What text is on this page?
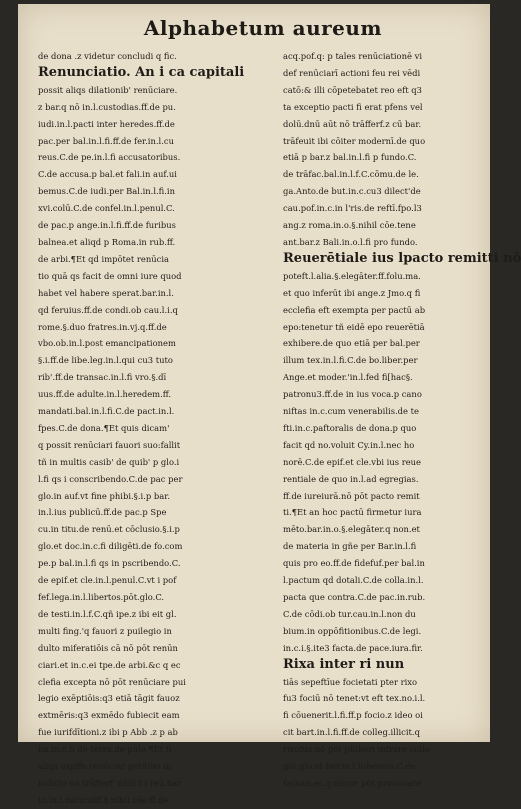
Alphabetum aureum
de dona .z videtur concludi q fic.
Renunciatio. An i ca capitali
possit aliqs dilationib' renūciare.
z bar.q nō in.l.custodias.ff.de pu.
iudi.in.l.pacti inter heredes.ff.de
pac.per bal.in.l.fi.ff.de fer.in.l.cu
reus.C.de pe.in.l.fi accusatoribus.
C.de accusa.p bal.et fali.in auf.ui
bemus.C.de iudi.per Bal.in.l.fi.in
xvi.colū.C.de confel.in.l.penul.C.
de pac.p ange.in.l.fi.ff.de furibus
balnea.et aliqd p Roma.in rub.ff.
de arbi.¶Et qd impōtet renūcia
tio quā qs facit de omni iure quod
habet vel habere sperat.bar.in.l.
qd feruius.ff.de condi.ob cau.l.i.q
rome.§.duo fratres.in.vj.q.ff.de
vbo.ob.in.l.post emancipationem
§.i.ff.de libe.leg.in.l.qui cu3 tuto
rib'.ff.de transac.in.l.fi vro.§.dī
uus.ff.de adulte.in.l.heredem.ff.
mandati.bal.in.l.fi.C.de pact.in.l.
fpes.C.de dona.¶Et quis dicam'
q possit renūciari fauori suo:fallit
tñ in multis casib' de quib' p glo.i
l.fi qs i conscribendo.C.de pac per
glo.in auf.vt fine phibi.§.i.p bar.
in.l.ius publicū.ff.de pac.p Spe
cu.in titu.de renū.et cōclusio.§.i.p
glo.et doc.in.c.fi diligēti.de fo.com
pe.p bal.in.l.fi qs in pscribendo.C.
de epif.et cle.in.l.penul.C.vt i pof
fef.lega.in.l.libertos.pōt.glo.C.
de testi.in.l.f.C.qñ ipe.z ibi eit gl.
multi fing.'q fauori z puilegio in
dulto miferatiōis cā nō pōt renūn
ciari.et in.c.ei tpe.de arbi.&c q ec
clefia excepta nō pōt renūciare pui
legio exēptiōis:q3 etiā tāgit fauoz
extmēris:q3 exmēdo fubiecit eam
fue iurifdītioni.z ibi p Abb .z p ab
ba.in.c.fi de terra.de pūle.¶Et fi
aliqs expffe renūciar petitōio in
iudicio nō trāfferf' dñiū3 i reū.bar
to.in.l.naturalif.§.nihil cōe.ff.de
acq.pof.q: p tales renūciationē vi
def renūciarī actioni feu rei vēdi
catō:& illi cōpetebatet reo eft q3
ta exceptio pacti fi erat pfens vel
dolū.dnū aūt nō trāfferf.z cū bar.
trāfeuit ibi cōiter modernī.de quo
etiā p bar.z bal.in.l.fi p fundo.C.
de trāfac.bal.in.l.f.C.cōmu.de le.
ga.Anto.de but.in.c.cu3 dilect'de
cau.pof.in.c.in l'ris.de reftī.fpo.l3
ang.z roma.in.o.§.nihil cōe.tene
ant.bar.z Bali.in.o.l.fi pro fundo.
Reuerētiale ius lpacto remitti nō
poteft.l.alia.§.elegāter.ff.folu.ma.
et quo inferūt ibi ange.z Jmo.q fi
ecclefia eft exempta per pactū ab
epo:tenetur tñ eidē epo reuerētiā
exhibere.de quo etiā per bal.per
illum tex.in.l.fi.C.de bo.liber.per
Ange.et moder.'in.l.fed fi[hac§.
patronu3.ff.de in ius voca.p cano
niftas in.c.cum venerabilis.de te
fti.in.c.paftoralis de dona.p quo
facit qd no.voluit Cy.in.l.nec ho
norē.C.de epif.et cle.vbi ius reue
rentiale de quo in.l.ad egregias.
ff.de iureiurā.nō pōt pacto remit
ti.¶Et an hoc pactū firmetur iura
mēto.bar.in.o.§.elegāter.q non.et
de materia in gñe per Bar.in.l.fi
quis pro eo.ff.de fidefuf.per bal.in
l.pactum qd dotali.C.de colla.in.l.
pacta que contra.C.de pac.in.rub.
C.de cōdi.ob tur.cau.in.l.non du
bium.in oppōfitionibus.C.de legi.
in.c.i.§.ite3 facta.de pace.iura.fir.
Rixa inter ri nun
tiās sepeftīue focietati pter rixo
fu3 fociū nō tenet:vt eft tex.no.i.l.
fi cōuenerit.l.fi.ff.p focio.z ideo oi
cit bart.in.l.fi.ff.de colleg.illicit.q
rixofus nō pōt phiberi intrare colle
giū.glo.et bar.in.l.iubemus.C.de
facsan.ec.q minor pōt prouocare
